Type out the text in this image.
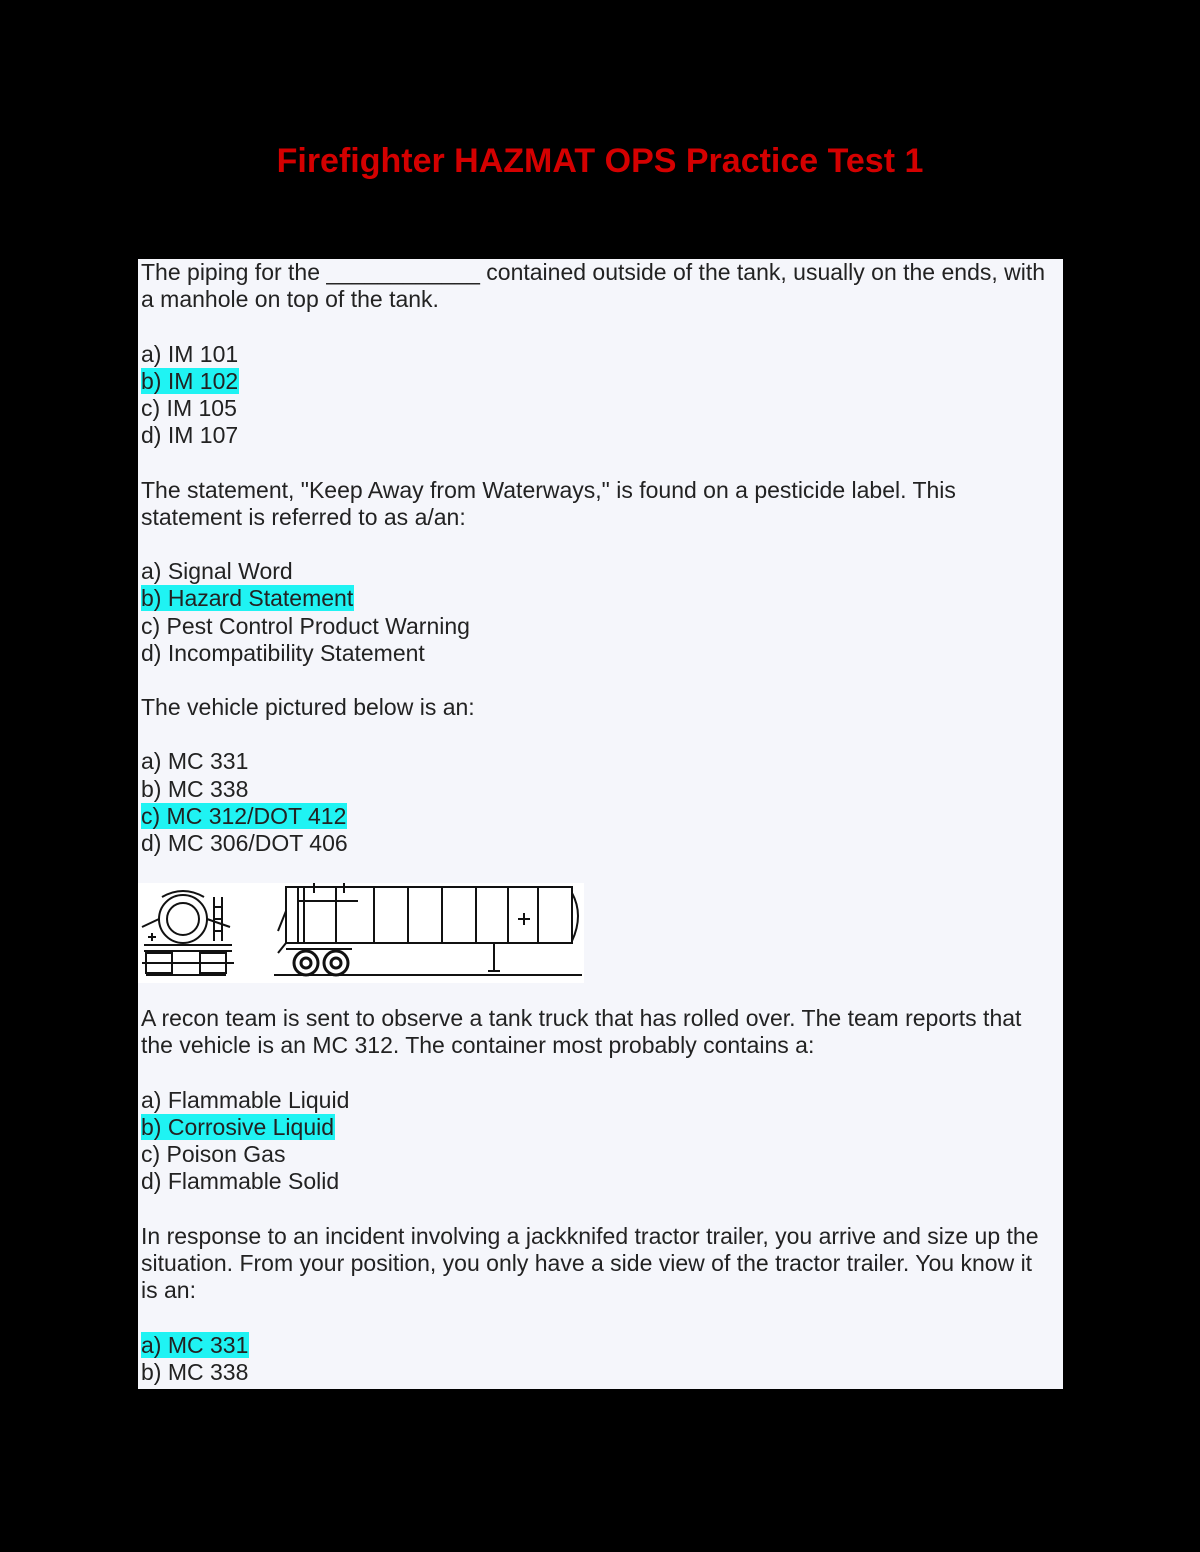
Firefighter HAZMAT OPS Practice Test 1

The piping for the ____________ contained outside of the tank, usually on the ends, with a manhole on top of the tank.

a) IM 101
b) IM 102
c) IM 105
d) IM 107

The statement, "Keep Away from Waterways," is found on a pesticide label. This statement is referred to as a/an:

a) Signal Word
b) Hazard Statement
c) Pest Control Product Warning
d) Incompatibility Statement

The vehicle pictured below is an:

a) MC 331
b) MC 338
c) MC 312/DOT 412
d) MC 306/DOT 406

A recon team is sent to observe a tank truck that has rolled over. The team reports that the vehicle is an MC 312. The container most probably contains a:

a) Flammable Liquid
b) Corrosive Liquid
c) Poison Gas
d) Flammable Solid

In response to an incident involving a jackknifed tractor trailer, you arrive and size up the situation. From your position, you only have a side view of the tractor trailer. You know it is an:

a) MC 331
b) MC 338
